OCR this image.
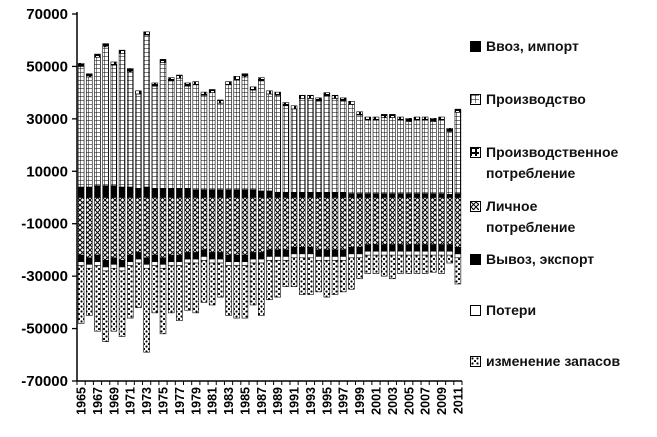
70000
50000
30000
10000
-10000
-30000
-50000
-70000
1965 1967 1969 1971 1973 1975 1977 1979 1981 1983 1985 1987 1989 1991 1993 1995 1997 1999 2001 2003 2005 2007 2009 2011
Ввоз, импорт
Производство
Производственное потребление
Личное потребление
Вывоз, экспорт
Потери
изменение запасов
